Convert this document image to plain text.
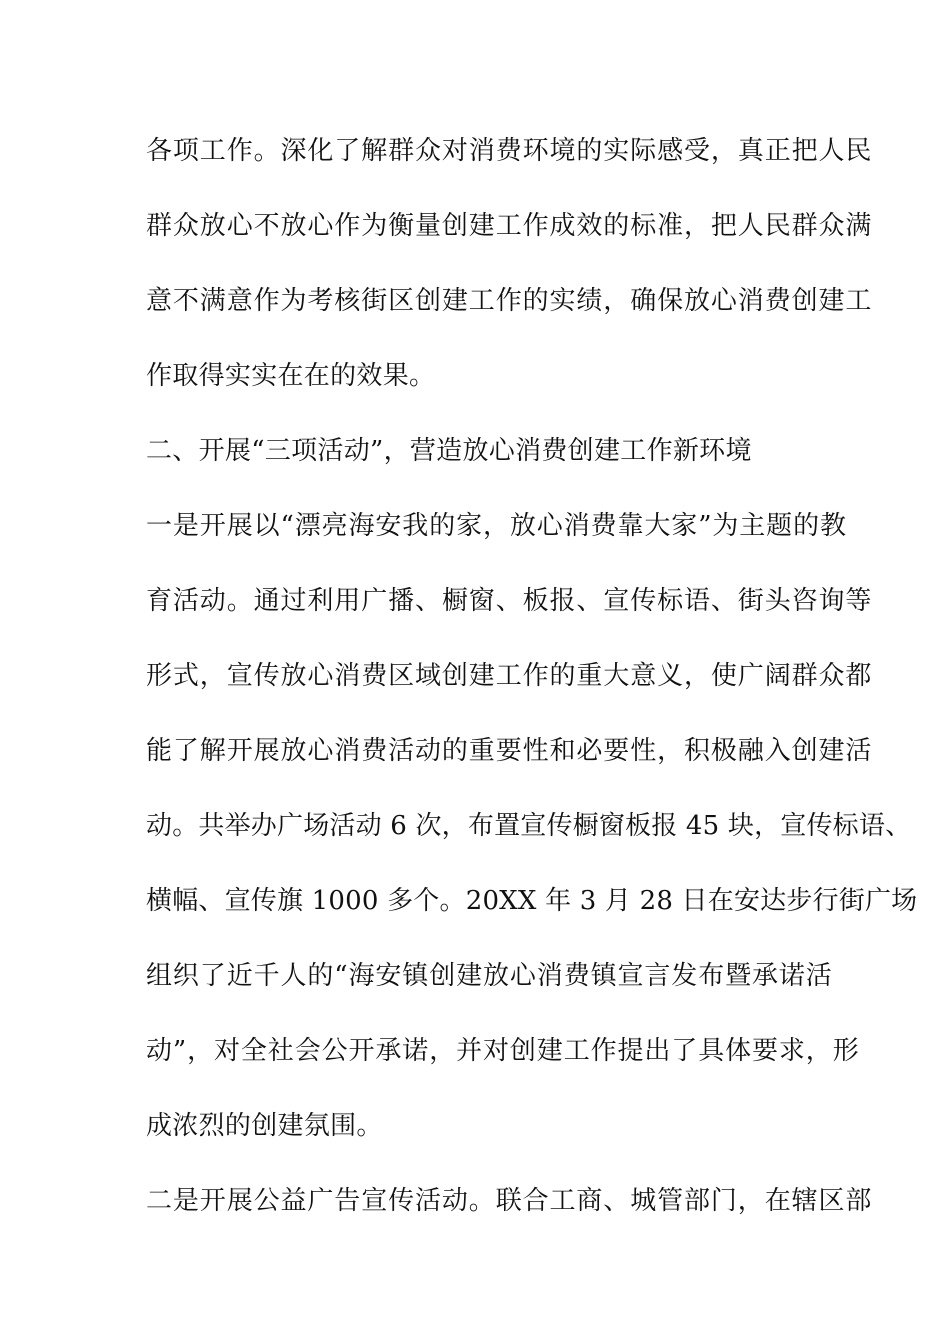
各项工作。深化了解群众对消费环境的实际感受，真正把人民
群众放心不放心作为衡量创建工作成效的标准，把人民群众满
意不满意作为考核街区创建工作的实绩，确保放心消费创建工
作取得实实在在的效果。
二、开展“三项活动”，营造放心消费创建工作新环境
一是开展以“漂亮海安我的家，放心消费靠大家”为主题的教
育活动。通过利用广播、橱窗、板报、宣传标语、街头咨询等
形式，宣传放心消费区域创建工作的重大意义，使广阔群众都
能了解开展放心消费活动的重要性和必要性，积极融入创建活
动。共举办广场活动 6 次，布置宣传橱窗板报 45 块，宣传标语、
横幅、宣传旗 1000 多个。20XX 年 3 月 28 日在安达步行街广场
组织了近千人的“海安镇创建放心消费镇宣言发布暨承诺活
动”，对全社会公开承诺，并对创建工作提出了具体要求，形
成浓烈的创建氛围。
二是开展公益广告宣传活动。联合工商、城管部门，在辖区部
